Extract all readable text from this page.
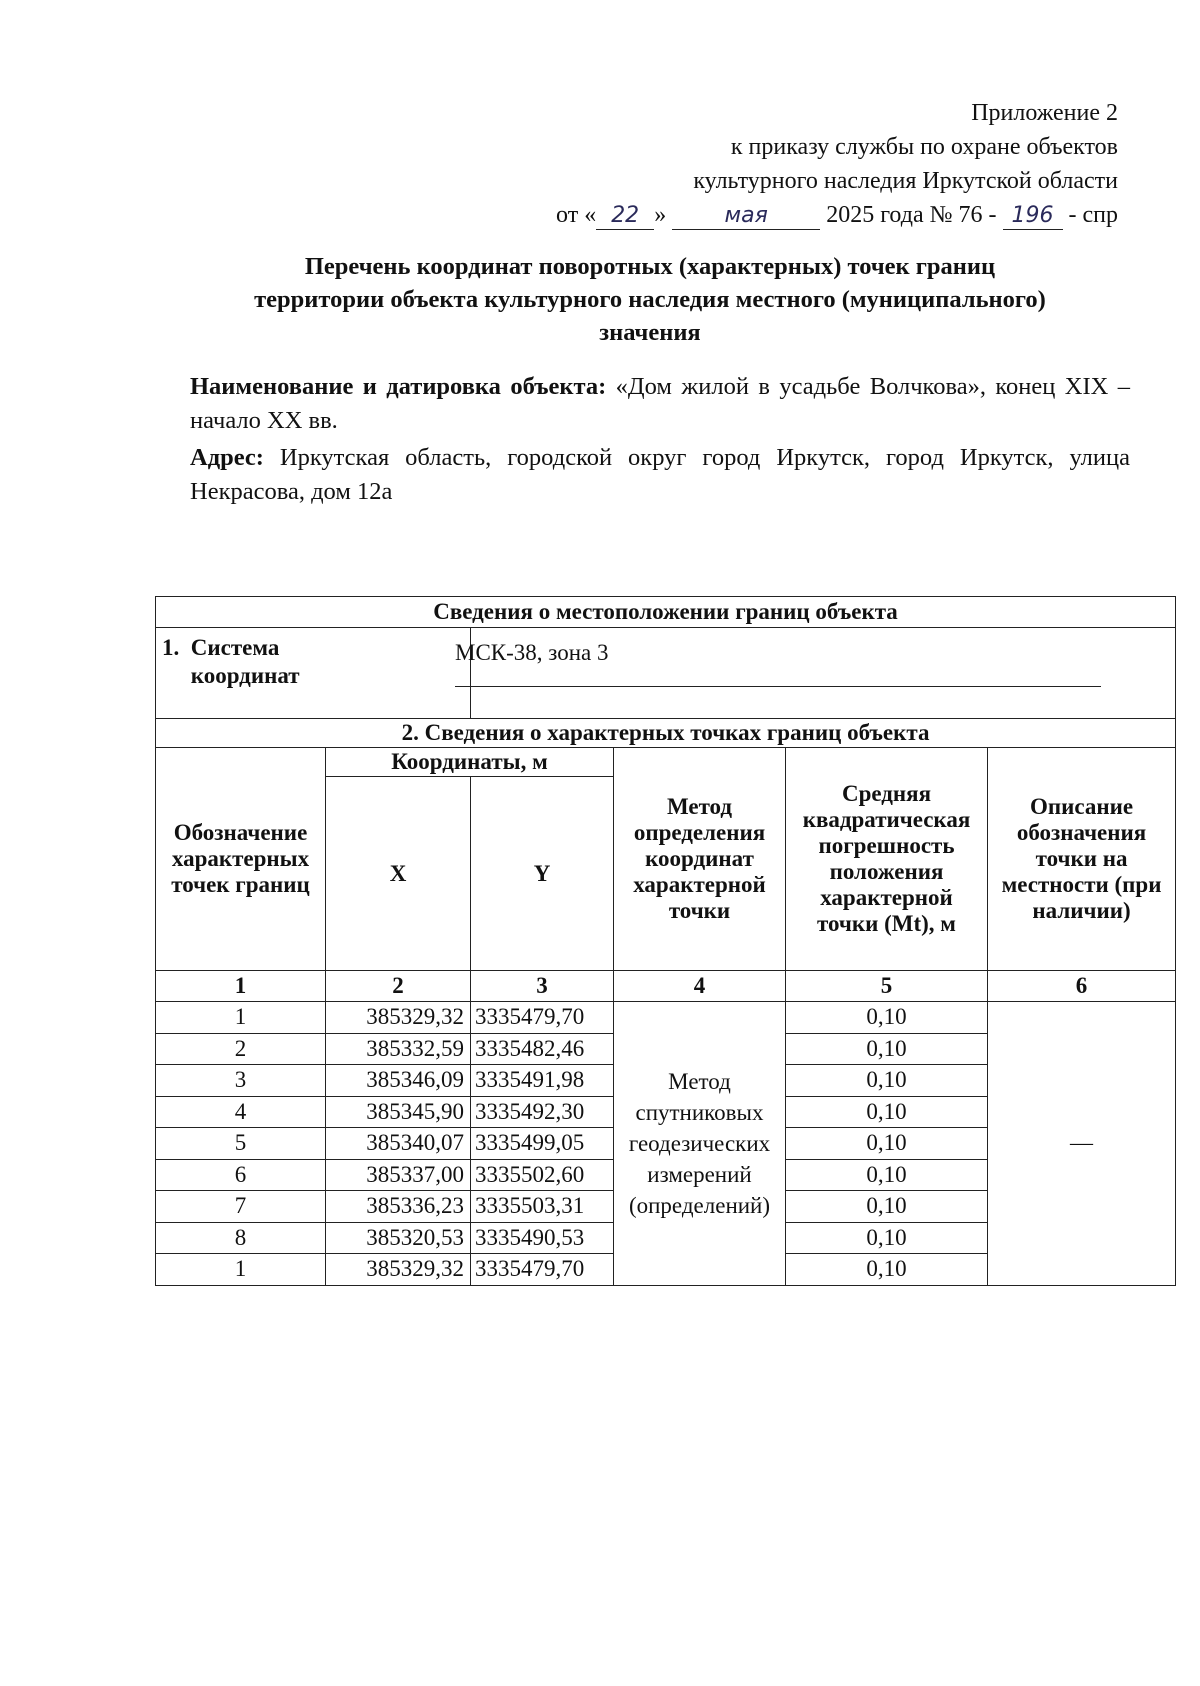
Приложение 2
к приказу службы по охране объектов
культурного наследия Иркутской области
от « 22 »	мая 2025 года № 76 - 196 - спр
Перечень координат поворотных (характерных) точек границ
территории объекта культурного наследия местного (муниципального)
значения

Наименование и датировка объекта: «Дом жилой в усадьбе Волчкова», конец XIX – начало XX вв.

Адрес: Иркутская область, городской округ город Иркутск, город Иркутск, улица Некрасова, дом 12а

Сведения о местоположении границ объекта					
1. Система координат		МСК-38, зона 3			

2. Сведения о характерных точках границ объекта					
Обозначение характерных точек границ	Координаты, м		Метод определения координат характерной точки	Средняя квадратическая погрешность положения характерной точки (Mt), м	Описание обозначения точки на местности (при наличии)
	X	Y			
1	2	3	4	5	6
1	385329,32	3335479,70	Метод спутниковых геодезических измерений (определений)	0,10	—
2	385332,59	3335482,46		0,10	
3	385346,09	3335491,98		0,10	
4	385345,90	3335492,30		0,10	
5	385340,07	3335499,05		0,10	
6	385337,00	3335502,60		0,10	
7	385336,23	3335503,31		0,10	
8	385320,53	3335490,53		0,10	
1	385329,32	3335479,70		0,10	
